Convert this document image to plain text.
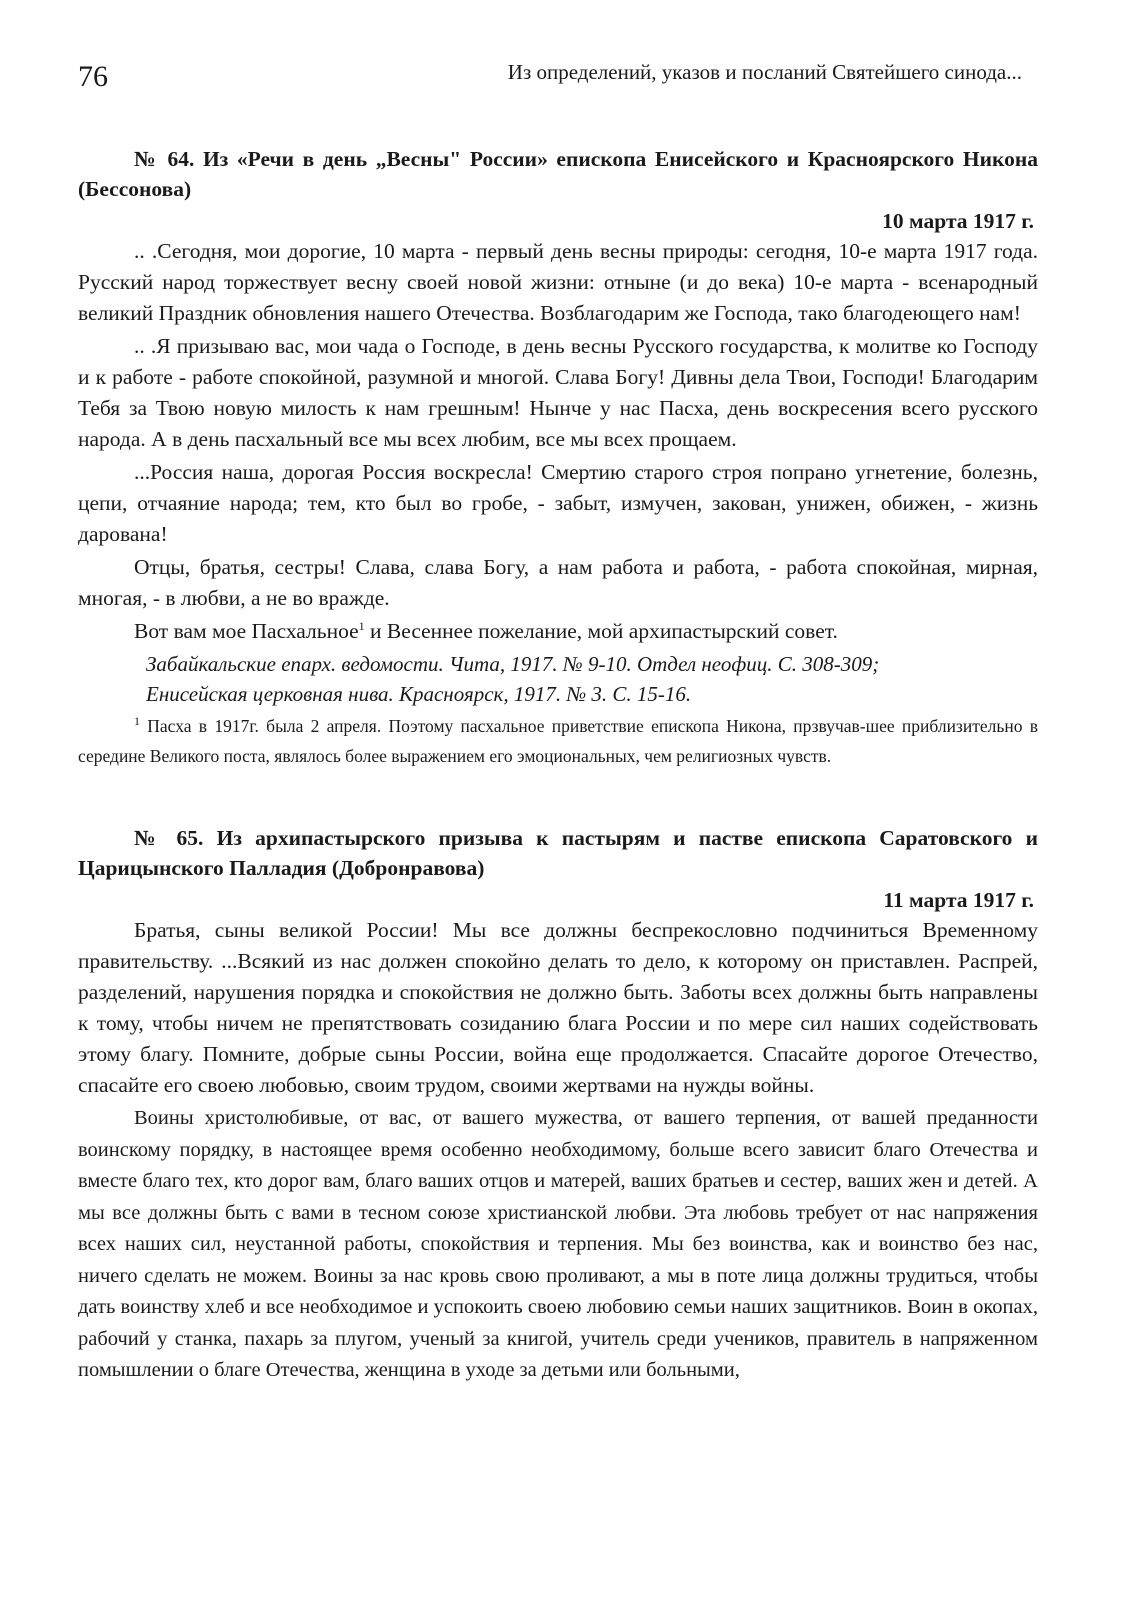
76	Из определений, указов и посланий Святейшего синода...
№ 64. Из «Речи в день „Весны" России» епископа Енисейского и Красноярского Никона (Бессонова)
10 марта 1917 г.

.. .Сегодня, мои дорогие, 10 марта - первый день весны природы: сегодня, 10-е марта 1917 года. Русский народ торжествует весну своей новой жизни: отныне (и до века) 10-е марта - всенародный великий Праздник обновления нашего Отечества. Возблагодарим же Господа, тако благодеющего нам!

.. .Я призываю вас, мои чада о Господе, в день весны Русского государства, к молитве ко Господу и к работе - работе спокойной, разумной и многой. Слава Богу! Дивны дела Твои, Господи! Благодарим Тебя за Твою новую милость к нам грешным! Нынче у нас Пасха, день воскресения всего русского народа. А в день пасхальный все мы всех любим, все мы всех прощаем.

...Россия наша, дорогая Россия воскресла! Смертию старого строя попрано угнетение, болезнь, цепи, отчаяние народа; тем, кто был во гробе, - забыт, измучен, закован, унижен, обижен, - жизнь дарована!

Отцы, братья, сестры! Слава, слава Богу, а нам работа и работа, - работа спокойная, мирная, многая, - в любви, а не во вражде.

Вот вам мое Пасхальное$^1$ и Весеннее пожелание, мой архипастырский совет.

Забайкальские епарх. ведомости. Чита, 1917. № 9-10. Отдел неофиц. С. 308-309;

Енисейская церковная нива. Красноярск, 1917. № 3. С. 15-16.

$^1$ Пасха в 1917г. была 2 апреля. Поэтому пасхальное приветствие епископа Никона, прзвучав-шее приблизительно в середине Великого поста, являлось более выражением его эмоциональных, чем религиозных чувств.

№ 65. Из архипастырского призыва к пастырям и пастве епископа Саратовского и Царицынского Палладия (Добронравова)
11 марта 1917 г.

Братья, сыны великой России! Мы все должны беспрекословно подчиниться Временному правительству. ...Всякий из нас должен спокойно делать то дело, к которому он приставлен. Распрей, разделений, нарушения порядка и спокойствия не должно быть. Заботы всех должны быть направлены к тому, чтобы ничем не препятствовать созиданию блага России и по мере сил наших содействовать этому благу. Помните, добрые сыны России, война еще продолжается. Спасайте дорогое Отечество, спасайте его своею любовью, своим трудом, своими жертвами на нужды войны.

Воины христолюбивые, от вас, от вашего мужества, от вашего терпения, от вашей преданности воинскому порядку, в настоящее время особенно необходимому, больше всего зависит благо Отечества и вместе благо тех, кто дорог вам, благо ваших отцов и матерей, ваших братьев и сестер, ваших жен и детей. А мы все должны быть с вами в тесном союзе христианской любви. Эта любовь требует от нас напряжения всех наших сил, неустанной работы, спокойствия и терпения. Мы без воинства, как и воинство без нас, ничего сделать не можем. Воины за нас кровь свою проливают, а мы в поте лица должны трудиться, чтобы дать воинству хлеб и все необходимое и успокоить своею любовию семьи наших защитников. Воин в окопах, рабочий у станка, пахарь за плугом, ученый за книгой, учитель среди учеников, правитель в напряженном помышлении о благе Отечества, женщина в уходе за детьми или больными,
